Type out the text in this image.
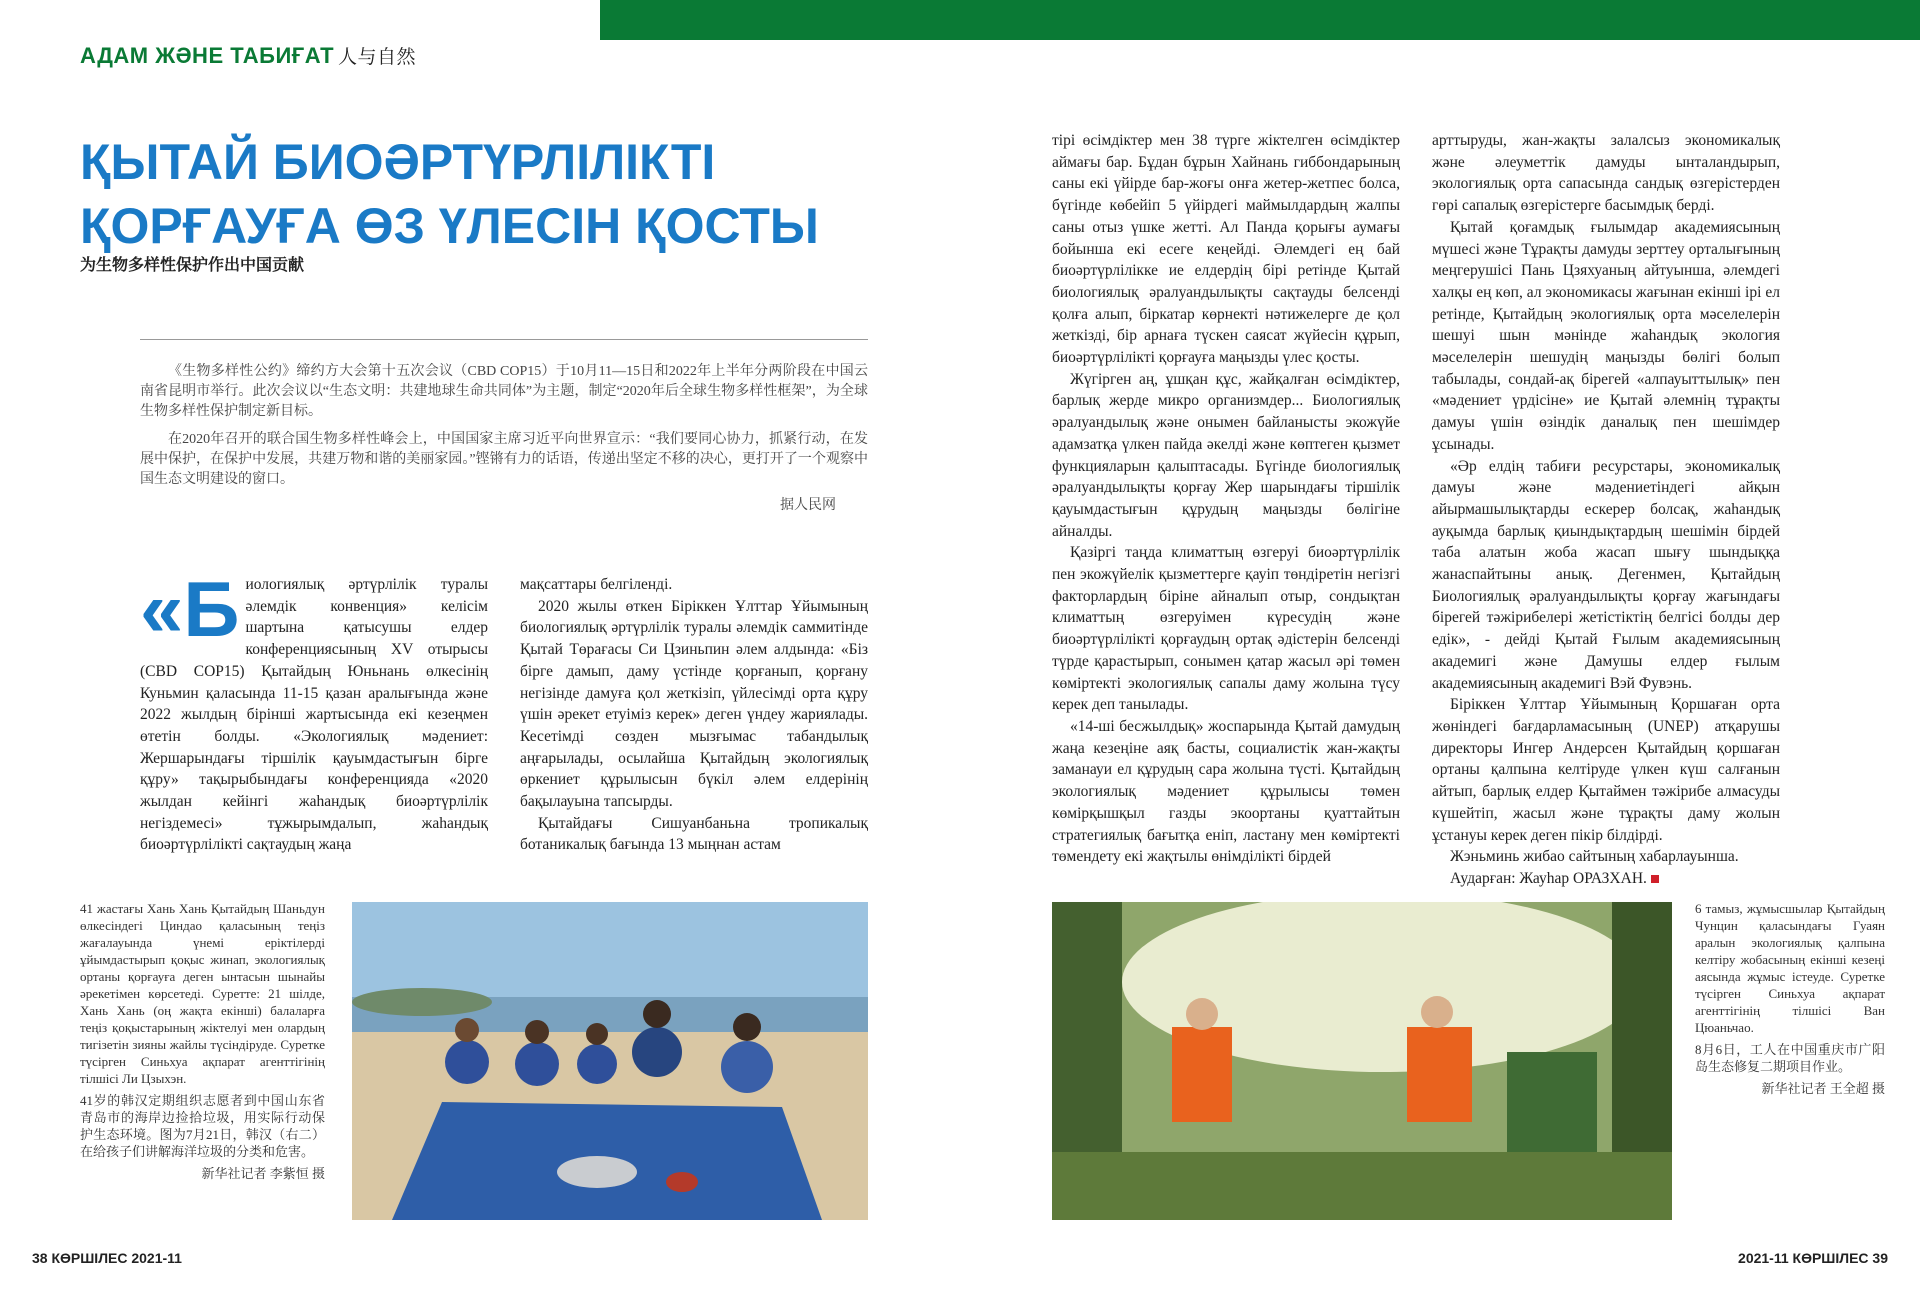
АДАМ ЖӘНЕ ТАБИҒАТ 人与自然
ҚЫТАЙ БИОӘРТҮРЛІЛІКТІ ҚОРҒАУҒА ӨЗ ҮЛЕСІН ҚОСТЫ
为生物多样性保护作出中国贡献

《生物多样性公约》缔约方大会第十五次会议（CBD COP15）于10月11—15日和2022年上半年分两阶段在中国云南省昆明市举行。此次会议以“生态文明：共建地球生命共同体”为主题，制定“2020年后全球生物多样性框架”，为全球生物多样性保护制定新目标。

在2020年召开的联合国生物多样性峰会上，中国国家主席习近平向世界宣示：“我们要同心协力，抓紧行动，在发展中保护，在保护中发展，共建万物和谐的美丽家园。”铿锵有力的话语，传递出坚定不移的决心，更打开了一个观察中国生态文明建设的窗口。

据人民网
«Б иологиялық әртүрлілік туралы әлемдік конвенция» келісім шартына қатысушы елдер конференциясының XV отырысы (CBD COP15) Қытайдың Юньнань өлкесінің Куньмин қаласында 11-15 қазан аралығында және 2022 жылдың бірінші жартысында екі кезеңмен өтетін болды. «Экологиялық мәдениет: Жершарындағы тіршілік қауымдастығын бірге құру» тақырыбындағы конференцияда «2020 жылдан кейінгі жаһандық биоәртүрлілік негіздемесі» тұжырымдалып, жаһандық биоәртүрлілікті сақтаудың жаңа

мақсаттары белгіленді.

2020 жылы өткен Біріккен Ұлттар Ұйымының биологиялық әртүрлілік туралы әлемдік саммитінде Қытай Төрағасы Си Цзиньпин әлем алдында: «Біз бірге дамып, даму үстінде қорғанып, қорғану негізінде дамуға қол жеткізіп, үйлесімді орта құру үшін әрекет етуіміз керек» деген үндеу жариялады. Кесетімді сөзден мызғымас табандылық аңғарылады, осылайша Қытайдың экологиялық өркениет құрылысын бүкіл әлем елдерінің бақылауына тапсырды.

Қытайдағы Сишуанбаньна тропикалық ботаникалық бағында 13 мыңнан астам

тірі өсімдіктер мен 38 түрге жіктелген өсімдіктер аймағы бар. Бұдан бұрын Хайнань гиббондарының саны екі үйірде бар-жоғы онға жетер-жетпес болса, бүгінде көбейіп 5 үйірдегі маймылдардың жалпы саны отыз үшке жетті. Ал Панда қорығы аумағы бойынша екі есеге кеңейді. Әлемдегі ең бай биоәртүрлілікке ие елдердің бірі ретінде Қытай биологиялық әралуандылықты сақтауды белсенді қолға алып, біркатар көрнекті нәтижелерге де қол жеткізді, бір арнаға түскен саясат жүйесін құрып, биоәртүрлілікті қорғауға маңызды үлес қосты.

Жүгірген аң, ұшқан құс, жайқалған өсімдіктер, барлық жерде микро организмдер... Биологиялық әралуандылық және онымен байланысты экожүйе адамзатқа үлкен пайда әкелді және көптеген қызмет функцияларын қалыптасады. Бүгінде биологиялық әралуандылықты қорғау Жер шарындағы тіршілік қауымдастығын құрудың маңызды бөлігіне айналды.

Қазіргі таңда климаттың өзгеруі биоәртүрлілік пен экожүйелік қызметтерге қауіп төндіретін негізгі факторлардың біріне айналып отыр, сондықтан климаттың өзгеруімен күресудің және биоәртүрлілікті қорғаудың ортақ әдістерін белсенді түрде қарастырып, сонымен қатар жасыл әрі төмен көміртекті экологиялық сапалы даму жолына түсу керек деп танылады.

«14-ші бесжылдық» жоспарында Қытай дамудың жаңа кезеңіне аяқ басты, социалистік жан-жақты заманауи ел құрудың сара жолына түсті. Қытайдың экологиялық мәдениет құрылысы төмен көмірқышқыл газды экоортаны қуаттайтын стратегиялық бағытқа еніп, ластану мен көміртекті төмендету екі жақтылы өнімділікті бірдей

арттыруды, жан-жақты залалсыз экономикалық және әлеуметтік дамуды ынталандырып, экологиялық орта сапасында сандық өзгерістерден гөрі сапалық өзгерістерге басымдық берді.

Қытай қоғамдық ғылымдар академиясының мүшесі және Тұрақты дамуды зерттеу орталығының меңгерушісі Пань Цзяхуаның айтуынша, әлемдегі халқы ең көп, ал экономикасы жағынан екінші ірі ел ретінде, Қытайдың экологиялық орта мәселелерін шешуі шын мәнінде жаһандық экология мәселелерін шешудің маңызды бөлігі болып табылады, сондай-ақ бірегей «алпауыттылық» пен «мәдениет үрдісіне» ие Қытай әлемнің тұрақты дамуы үшін өзіндік даналық пен шешімдер ұсынады.

«Әр елдің табиғи ресурстары, экономикалық дамуы және мәдениетіндегі айқын айырмашылықтарды ескерер болсақ, жаһандық ауқымда барлық қиындықтардың шешімін бірдей таба алатын жоба жасап шығу шындыққа жанаспайтыны анық. Дегенмен, Қытайдың Биологиялық әралуандылықты қорғау жағындағы бірегей тәжірибелері жетістіктің белгісі болды дер едік», - дейді Қытай Ғылым академиясының академигі және Дамушы елдер ғылым академиясының академигі Вэй Фувэнь.

Біріккен Ұлттар Ұйымының Қоршаған орта жөніндегі бағдарламасының (UNEP) атқарушы директоры Ингер Андерсен Қытайдың қоршаған ортаны қалпына келтіруде үлкен күш салғанын айтып, барлық елдер Қытаймен тәжірибе алмасуды күшейтіп, жасыл және тұрақты даму жолын ұстануы керек деген пікір білдірді.

Жэньминь жибао сайтының хабарлауынша.

Аударған: Жауһар ОРАЗХАН.

41 жастағы Хань Хань Қытайдың Шаньдун өлкесіндегі Циндао қаласының теңіз жағалауында үнемі еріктілерді ұйымдастырып қоқыс жинап, экологиялық ортаны қорғауға деген ынтасын шынайы әрекетімен көрсетеді. Суретте: 21 шілде, Хань Хань (оң жақта екінші) балаларға теңіз қоқыстарының жіктелуі мен олардың тигізетін зияны жайлы түсіндіруде. Суретке түсірген Синьхуа ақпарат агенттігінің тілшісі Ли Цзыхэн.

41岁的韩汉定期组织志愿者到中国山东省青岛市的海岸边捡拾垃圾，用实际行动保护生态环境。图为7月21日，韩汉（右二）在给孩子们讲解海洋垃圾的分类和危害。

新华社记者 李紫恒 摄

6 тамыз, жұмысшылар Қытайдың Чунцин қаласындағы Гуаян аралын экологиялық қалпына келтіру жобасының екінші кезеңі аясында жұмыс істеуде. Суретке түсірген Синьхуа ақпарат агенттігінің тілшісі Ван Цюаньчао.

8月6日，工人在中国重庆市广阳岛生态修复二期项目作业。

新华社记者 王全超 摄

38 КӨРШІЛЕС 2021-11	2021-11 КӨРШІЛЕС 39
